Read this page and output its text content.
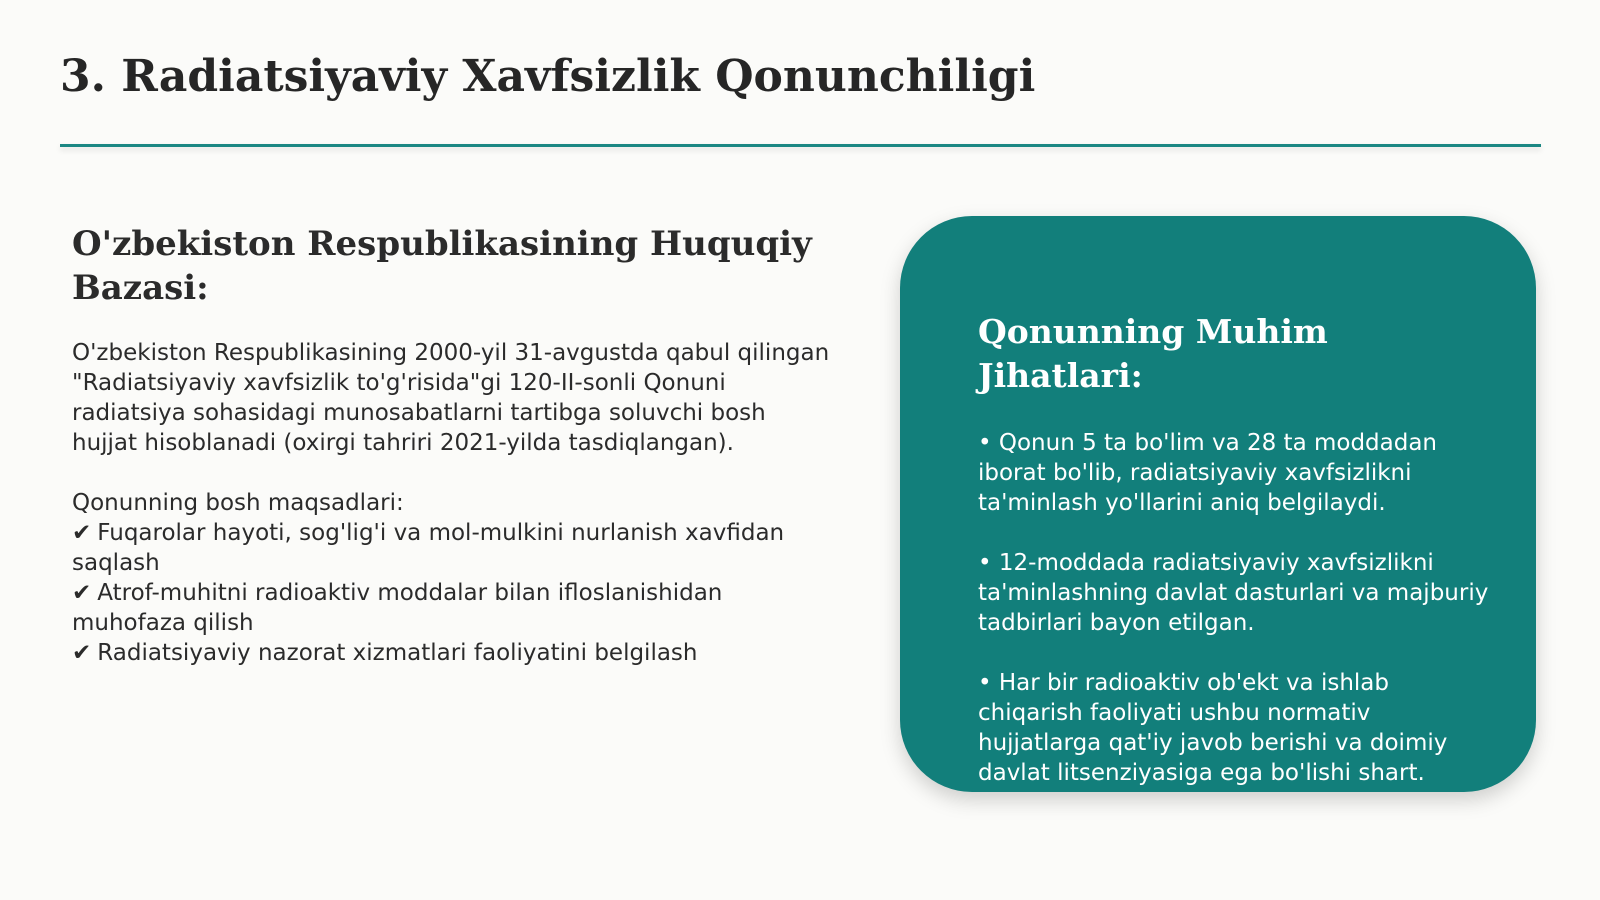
3. Radiatsiyaviy Xavfsizlik Qonunchiligi
O'zbekiston Respublikasining Huquqiy Bazasi:

O'zbekiston Respublikasining 2000-yil 31-avgustda qabul qilingan "Radiatsiyaviy xavfsizlik to'g'risida"gi 120-II-sonli Qonuni radiatsiya sohasidagi munosabatlarni tartibga soluvchi bosh hujjat hisoblanadi (oxirgi tahriri 2021-yilda tasdiqlangan).

Qonunning bosh maqsadlari:

✔ Fuqarolar hayoti, sog'lig'i va mol-mulkini nurlanish xavfidan saqlash
✔ Atrof-muhitni radioaktiv moddalar bilan ifloslanishidan muhofaza qilish
✔ Radiatsiyaviy nazorat xizmatlari faoliyatini belgilash
Qonunning Muhim Jihatlari:
• Qonun 5 ta bo'lim va 28 ta moddadan iborat bo'lib, radiatsiyaviy xavfsizlikni ta'minlash yo'llarini aniq belgilaydi.
• 12-moddada radiatsiyaviy xavfsizlikni ta'minlashning davlat dasturlari va majburiy tadbirlari bayon etilgan.
• Har bir radioaktiv ob'ekt va ishlab chiqarish faoliyati ushbu normativ hujjatlarga qat'iy javob berishi va doimiy davlat litsenziyasiga ega bo'lishi shart.
